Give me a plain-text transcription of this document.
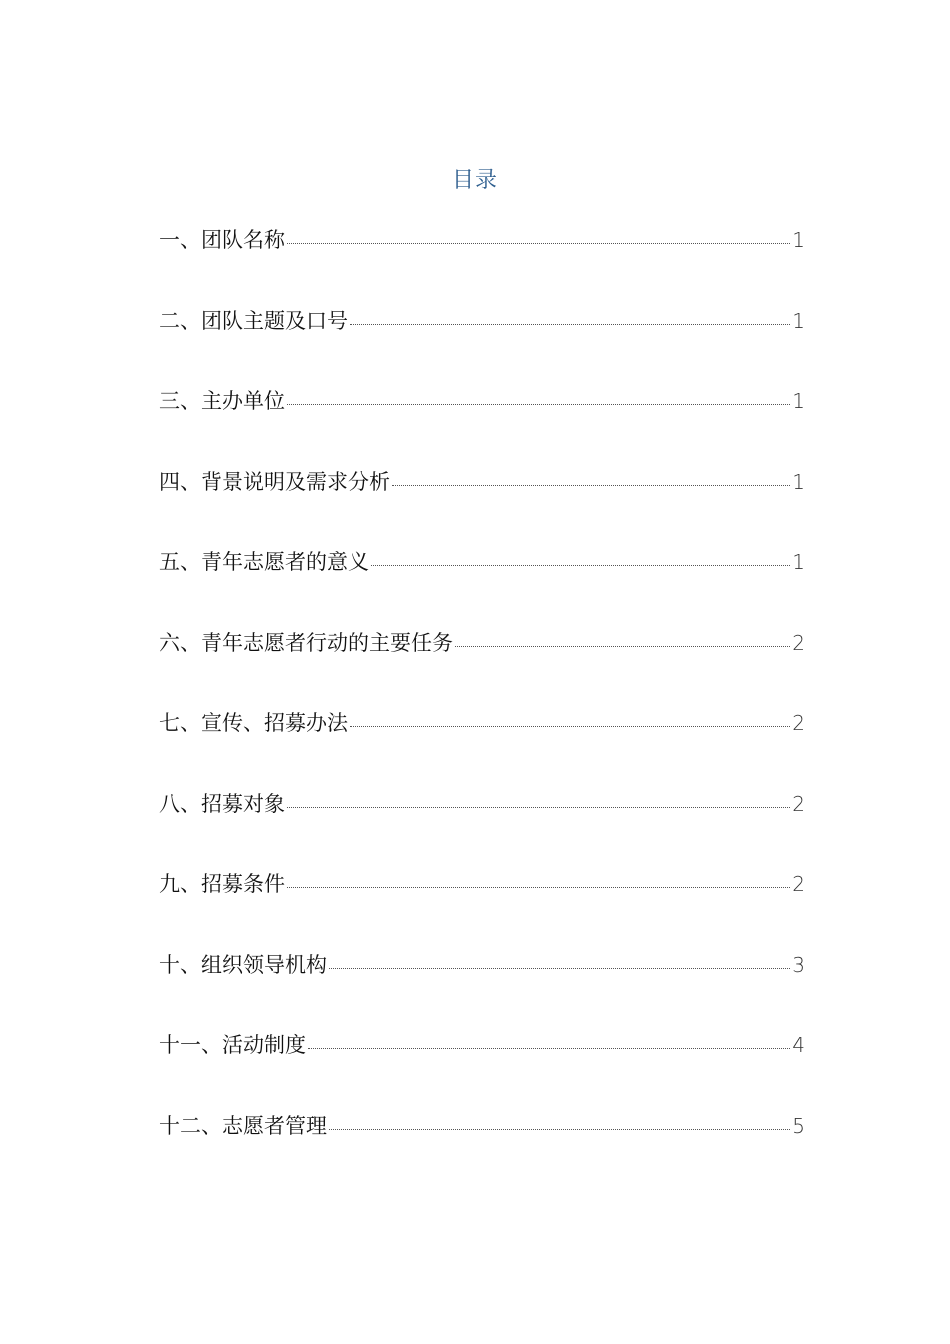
目录
一、团队名称	1
二、团队主题及口号	1
三、主办单位	1
四、背景说明及需求分析	1
五、青年志愿者的意义	1
六、青年志愿者行动的主要任务	2
七、宣传、招募办法	2
八、招募对象	2
九、招募条件	2
十、组织领导机构	3
十一、活动制度	4
十二、志愿者管理	5
